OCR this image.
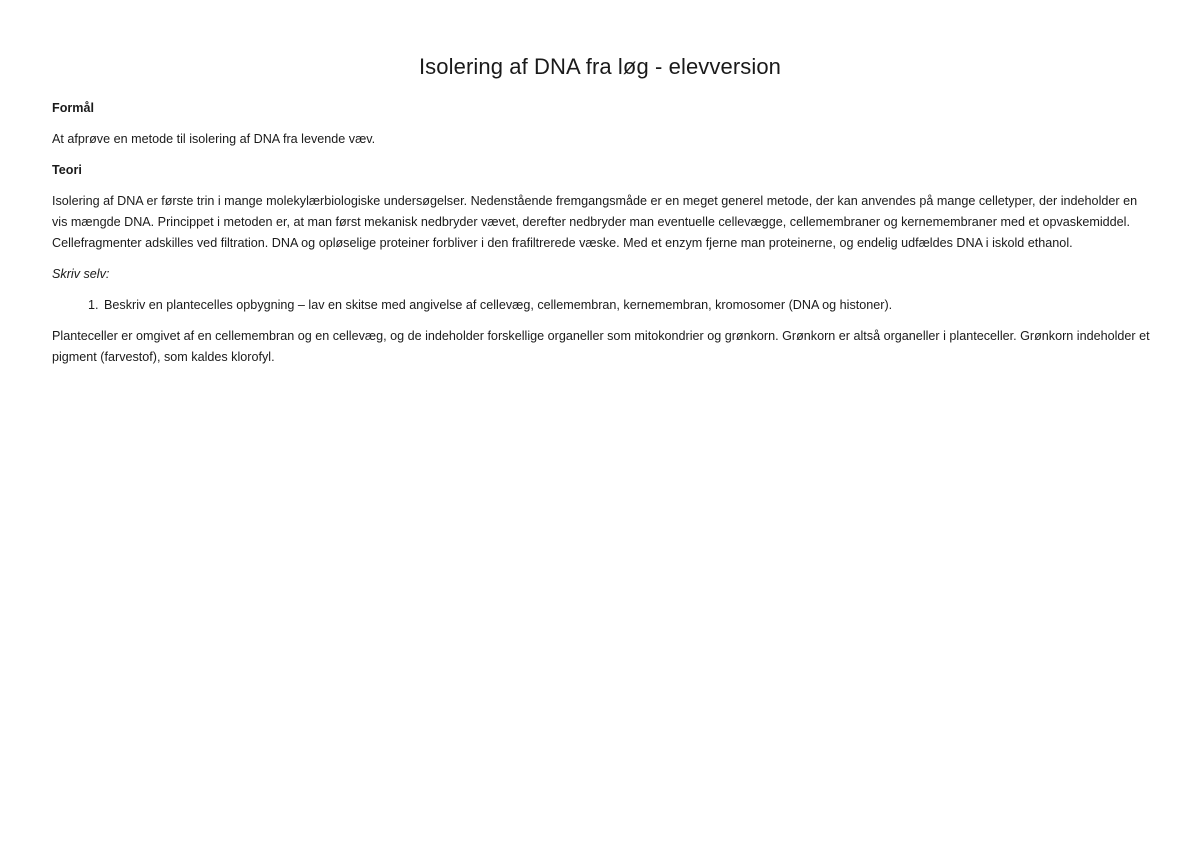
Isolering af DNA fra løg - elevversion

Formål

At afprøve en metode til isolering af DNA fra levende væv.

Teori

Isolering af DNA er første trin i mange molekylærbiologiske undersøgelser. Nedenstående fremgangsmåde er en meget generel metode, der kan anvendes på mange celletyper, der indeholder en vis mængde DNA. Princippet i metoden er, at man først mekanisk nedbryder vævet, derefter nedbryder man eventuelle cellevægge, cellemembraner og kernemembraner med et opvaskemiddel. Cellefragmenter adskilles ved filtration. DNA og opløselige proteiner forbliver i den frafiltrerede væske. Med et enzym fjerne man proteinerne, og endelig udfældes DNA i iskold ethanol.

Skriv selv:

1. Beskriv en plantecelles opbygning – lav en skitse med angivelse af cellevæg, cellemembran, kernemembran, kromosomer (DNA og histoner).

Planteceller er omgivet af en cellemembran og en cellevæg, og de indeholder forskellige organeller som mitokondrier og grønkorn. Grønkorn er altså organeller i planteceller. Grønkorn indeholder et pigment (farvestof), som kaldes klorofyl.
